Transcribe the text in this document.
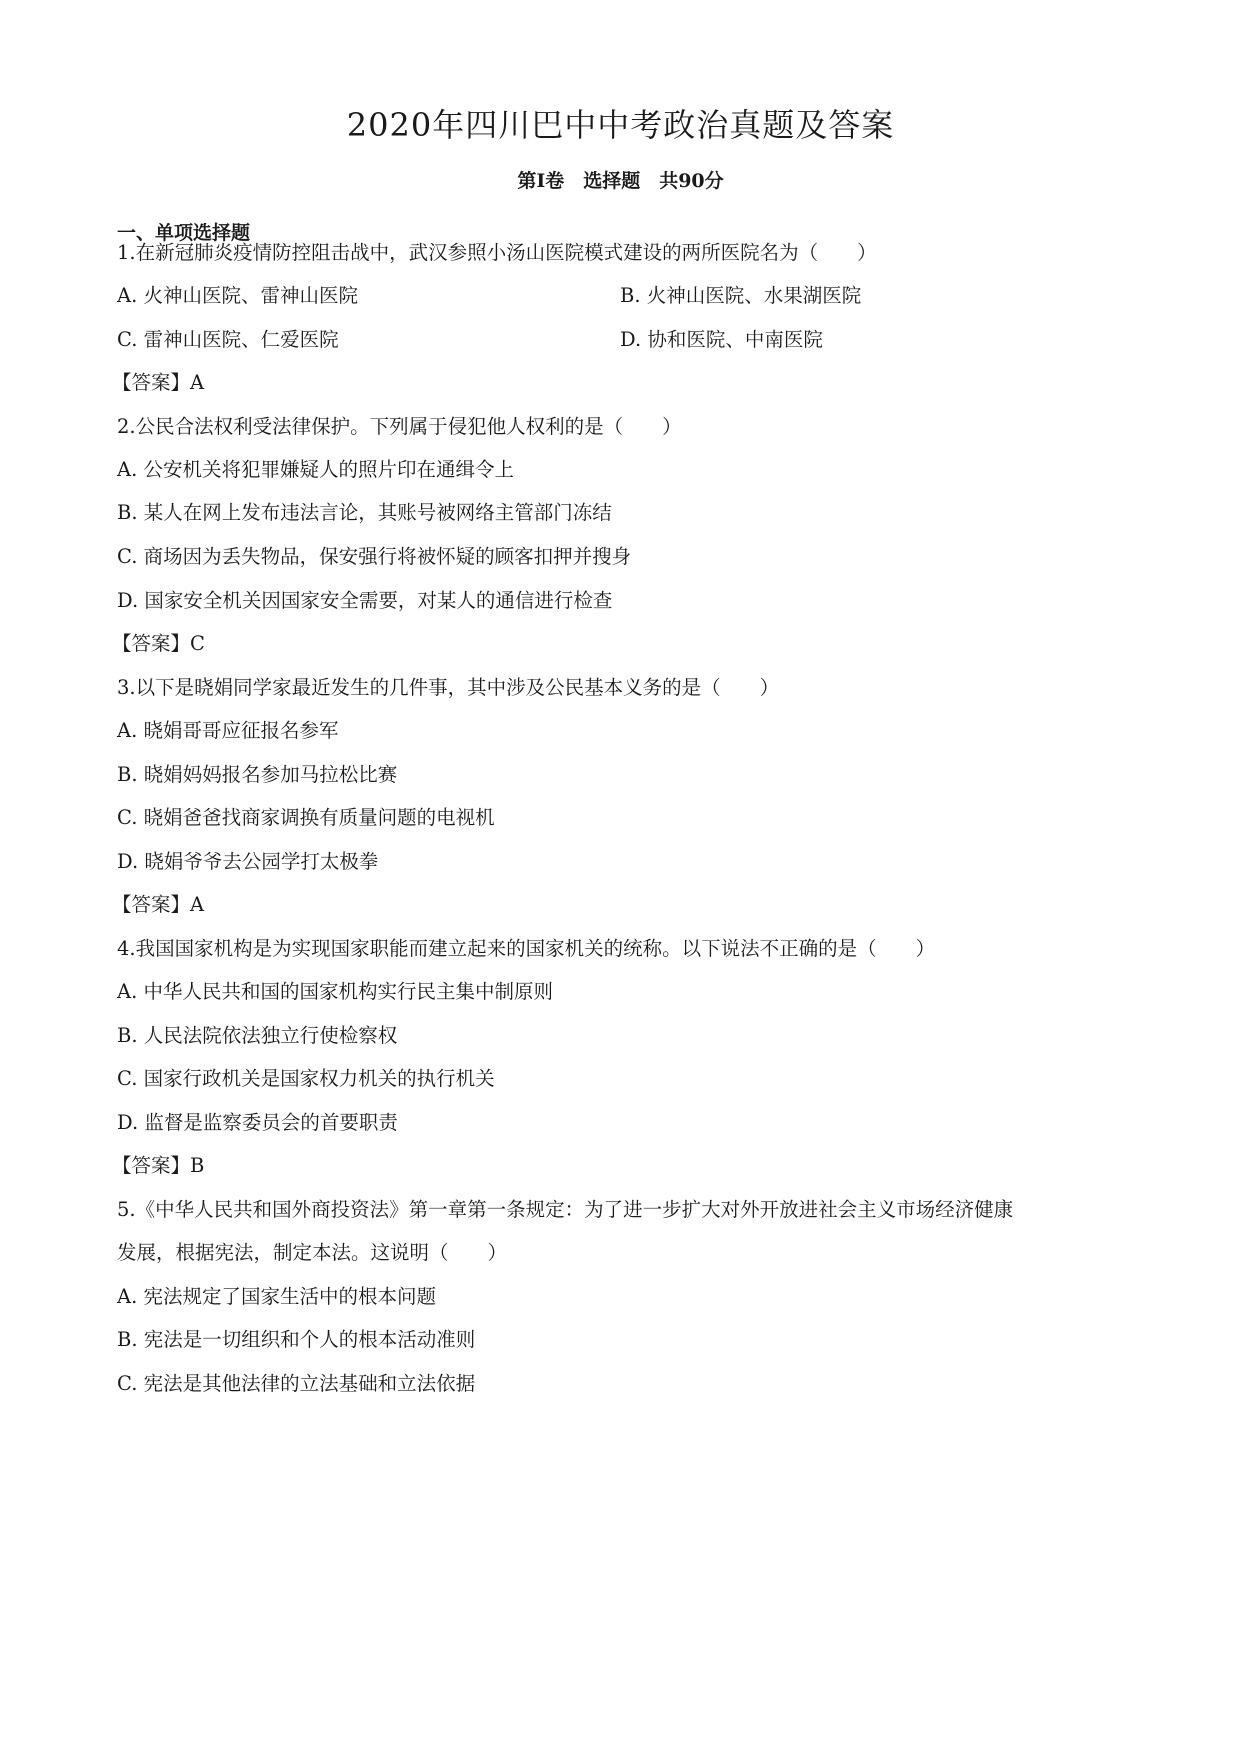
2020年四川巴中中考政治真题及答案
第Ⅰ卷　选择题　共90分
一、单项选择题
1.在新冠肺炎疫情防控阻击战中，武汉参照小汤山医院模式建设的两所医院名为（　　）
A. 火神山医院、雷神山医院	B. 火神山医院、水果湖医院
C. 雷神山医院、仁爱医院	D. 协和医院、中南医院
【答案】A
2.公民合法权利受法律保护。下列属于侵犯他人权利的是（　　）
A. 公安机关将犯罪嫌疑人的照片印在通缉令上
B. 某人在网上发布违法言论，其账号被网络主管部门冻结
C. 商场因为丢失物品，保安强行将被怀疑的顾客扣押并搜身
D. 国家安全机关因国家安全需要，对某人的通信进行检查
【答案】C
3.以下是晓娟同学家最近发生的几件事，其中涉及公民基本义务的是（　　）
A. 晓娟哥哥应征报名参军
B. 晓娟妈妈报名参加马拉松比赛
C. 晓娟爸爸找商家调换有质量问题的电视机
D. 晓娟爷爷去公园学打太极拳
【答案】A
4.我国国家机构是为实现国家职能而建立起来的国家机关的统称。以下说法不正确的是（　　）
A. 中华人民共和国的国家机构实行民主集中制原则
B. 人民法院依法独立行使检察权
C. 国家行政机关是国家权力机关的执行机关
D. 监督是监察委员会的首要职责
【答案】B
5.《中华人民共和国外商投资法》第一章第一条规定：为了进一步扩大对外开放进社会主义市场经济健康
发展，根据宪法，制定本法。这说明（　　）
A. 宪法规定了国家生活中的根本问题
B. 宪法是一切组织和个人的根本活动准则
C. 宪法是其他法律的立法基础和立法依据
